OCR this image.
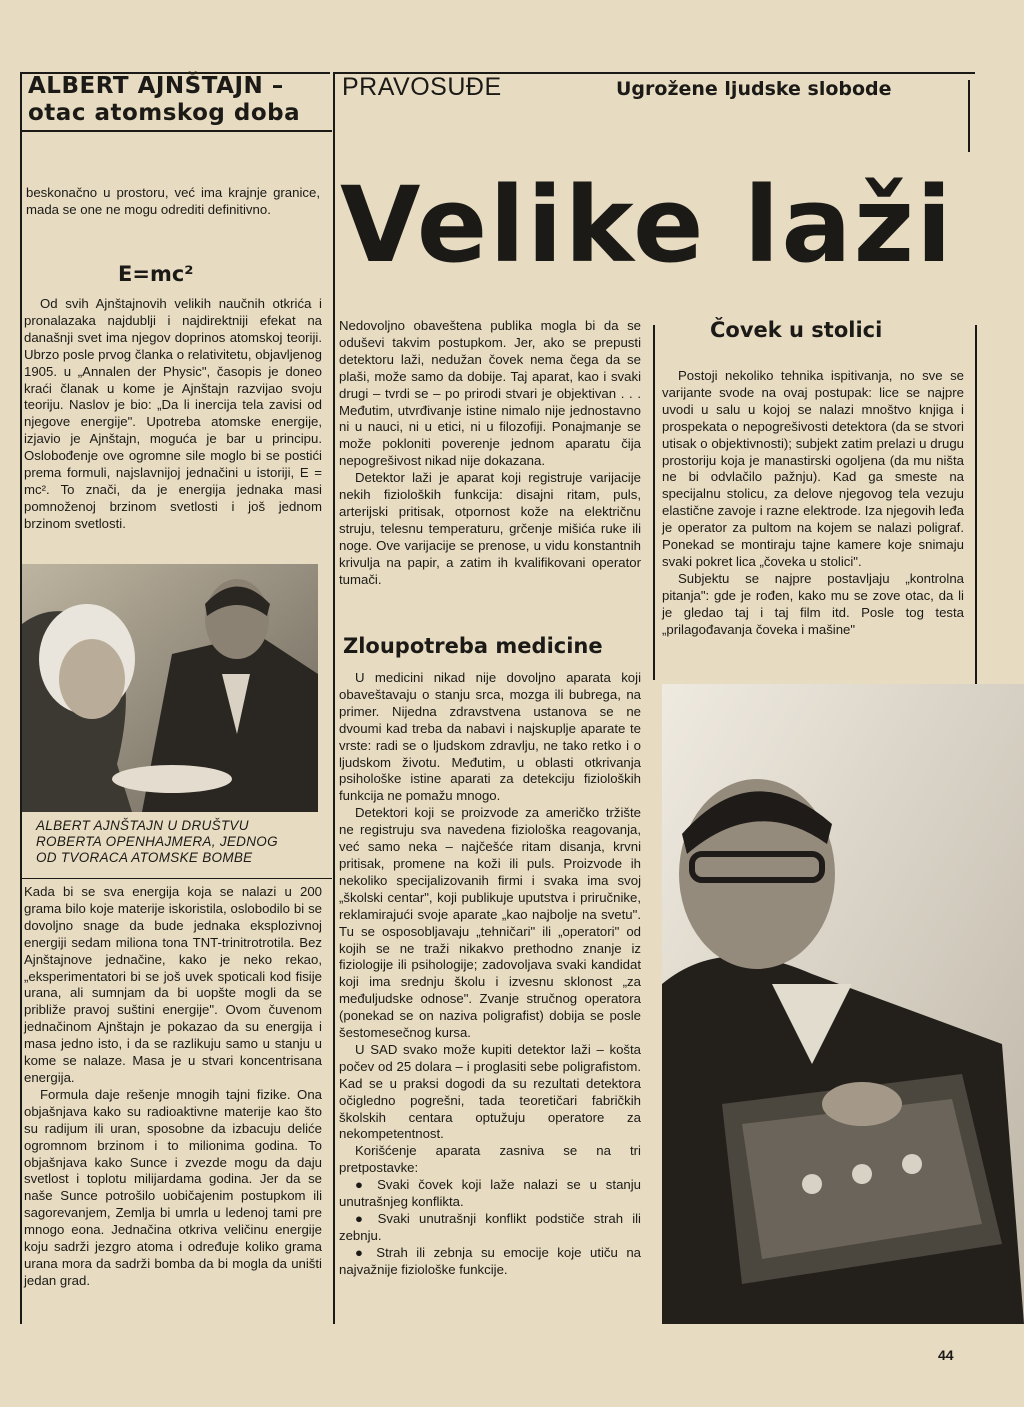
ALBERT AJNŠTAJN –
otac atomskog doba
PRAVOSUĐE	Ugrožene ljudske slobode
Velike laži

beskonačno u prostoru, već ima krajnje granice, mada se one ne mogu odrediti definitivno.

E=mc²

Od svih Ajnštajnovih velikih naučnih otkrića i pronalazaka najdublji i najdirektniji efekat na današnji svet ima njegov doprinos atomskoj teoriji. Ubrzo posle prvog članka o relativitetu, objavljenog 1905. u „Annalen der Physic", časopis je doneo kraći članak u kome je Ajnštajn razvijao svoju teoriju. Naslov je bio: „Da li inercija tela zavisi od njegove energije". Upotreba atomske energije, izjavio je Ajnštajn, moguća je bar u principu. Oslobođenje ove ogromne sile moglo bi se postići prema formuli, najslavnijoj jednačini u istoriji, E = mc². To znači, da je energija jednaka masi pomnoženoj brzinom svetlosti i još jednom brzinom svetlosti.

ALBERT AJNŠTAJN U DRUŠTVU ROBERTA OPENHAJMERA, JEDNOG OD TVORACA ATOMSKE BOMBE

Kada bi se sva energija koja se nalazi u 200 grama bilo koje materije iskoristila, oslobodilo bi se dovoljno snage da bude jednaka eksplozivnoj energiji sedam miliona tona TNT-trinitrotrotila. Bez Ajnštajnove jednačine, kako je neko rekao, „eksperimentatori bi se još uvek spoticali kod fisije urana, ali sumnjam da bi uopšte mogli da se približe pravoj suštini energije". Ovom čuvenom jednačinom Ajnštajn je pokazao da su energija i masa jedno isto, i da se razlikuju samo u stanju u kome se nalaze. Masa je u stvari koncentrisana energija.

Formula daje rešenje mnogih tajni fizike. Ona objašnjava kako su radioaktivne materije kao što su radijum ili uran, sposobne da izbacuju deliće ogromnom brzinom i to milionima godina. To objašnjava kako Sunce i zvezde mogu da daju svetlost i toplotu milijardama godina. Jer da se naše Sunce potrošilo uobičajenim postupkom ili sagorevanjem, Zemlja bi umrla u ledenoj tami pre mnogo eona. Jednačina otkriva veličinu energije koju sadrži jezgro atoma i određuje koliko grama urana mora da sadrži bomba da bi mogla da uništi jedan grad.

Nedovoljno obaveštena publika mogla bi da se oduševi takvim postupkom. Jer, ako se prepusti detektoru laži, nedužan čovek nema čega da se plaši, može samo da dobije. Taj aparat, kao i svaki drugi – tvrdi se – po prirodi stvari je objektivan . . . Međutim, utvrđivanje istine nimalo nije jednostavno ni u nauci, ni u etici, ni u filozofiji. Ponajmanje se može pokloniti poverenje jednom aparatu čija nepogrešivost nikad nije dokazana.

Detektor laži je aparat koji registruje varijacije nekih fizioloških funkcija: disajni ritam, puls, arterijski pritisak, otpornost kože na električnu struju, telesnu temperaturu, grčenje mišića ruke ili noge. Ove varijacije se prenose, u vidu konstantnih krivulja na papir, a zatim ih kvalifikovani operator tumači.

Zloupotreba medicine

U medicini nikad nije dovoljno aparata koji obaveštavaju o stanju srca, mozga ili bubrega, na primer. Nijedna zdravstvena ustanova se ne dvoumi kad treba da nabavi i najskuplje aparate te vrste: radi se o ljudskom zdravlju, ne tako retko i o ljudskom životu. Međutim, u oblasti otkrivanja psihološke istine aparati za detekciju fizioloških funkcija ne pomažu mnogo.

Detektori koji se proizvode za američko tržište ne registruju sva navedena fiziološka reagovanja, već samo neka – najčešće ritam disanja, krvni pritisak, promene na koži ili puls. Proizvode ih nekoliko specijalizovanih firmi i svaka ima svoj „školski centar", koji publikuje uputstva i priručnike, reklamirajući svoje aparate „kao najbolje na svetu". Tu se osposobljavaju „tehničari" ili „operatori" od kojih se ne traži nikakvo prethodno znanje iz fiziologije ili psihologije; zadovoljava svaki kandidat koji ima srednju školu i izvesnu sklonost „za međuljudske odnose". Zvanje stručnog operatora (ponekad se on naziva poligrafist) dobija se posle šestomesečnog kursa.

U SAD svako može kupiti detektor laži – košta počev od 25 dolara – i proglasiti sebe poligrafistom. Kad se u praksi dogodi da su rezultati detektora očigledno pogrešni, tada teoretičari fabričkih školskih centara optužuju operatore za nekompetentnost.

Korišćenje aparata zasniva se na tri pretpostavke:

● Svaki čovek koji laže nalazi se u stanju unutrašnjeg konflikta.

● Svaki unutrašnji konflikt podstiče strah ili zebnju.

● Strah ili zebnja su emocije koje utiču na najvažnije fiziološke funkcije.

Čovek u stolici

Postoji nekoliko tehnika ispitivanja, no sve se varijante svode na ovaj postupak: lice se najpre uvodi u salu u kojoj se nalazi mnoštvo knjiga i prospekata o nepogrešivosti detektora (da se stvori utisak o objektivnosti); subjekt zatim prelazi u drugu prostoriju koja je manastirski ogoljena (da mu ništa ne bi odvlačilo pažnju). Kad ga smeste na specijalnu stolicu, za delove njegovog tela vezuju elastične zavoje i razne elektrode. Iza njegovih leđa je operator za pultom na kojem se nalazi poligraf. Ponekad se montiraju tajne kamere koje snimaju svaki pokret lica „čoveka u stolici".

Subjektu se najpre postavljaju „kontrolna pitanja": gde je rođen, kako mu se zove otac, da li je gledao taj i taj film itd. Posle tog testa „prilagođavanja čoveka i mašine"

44
